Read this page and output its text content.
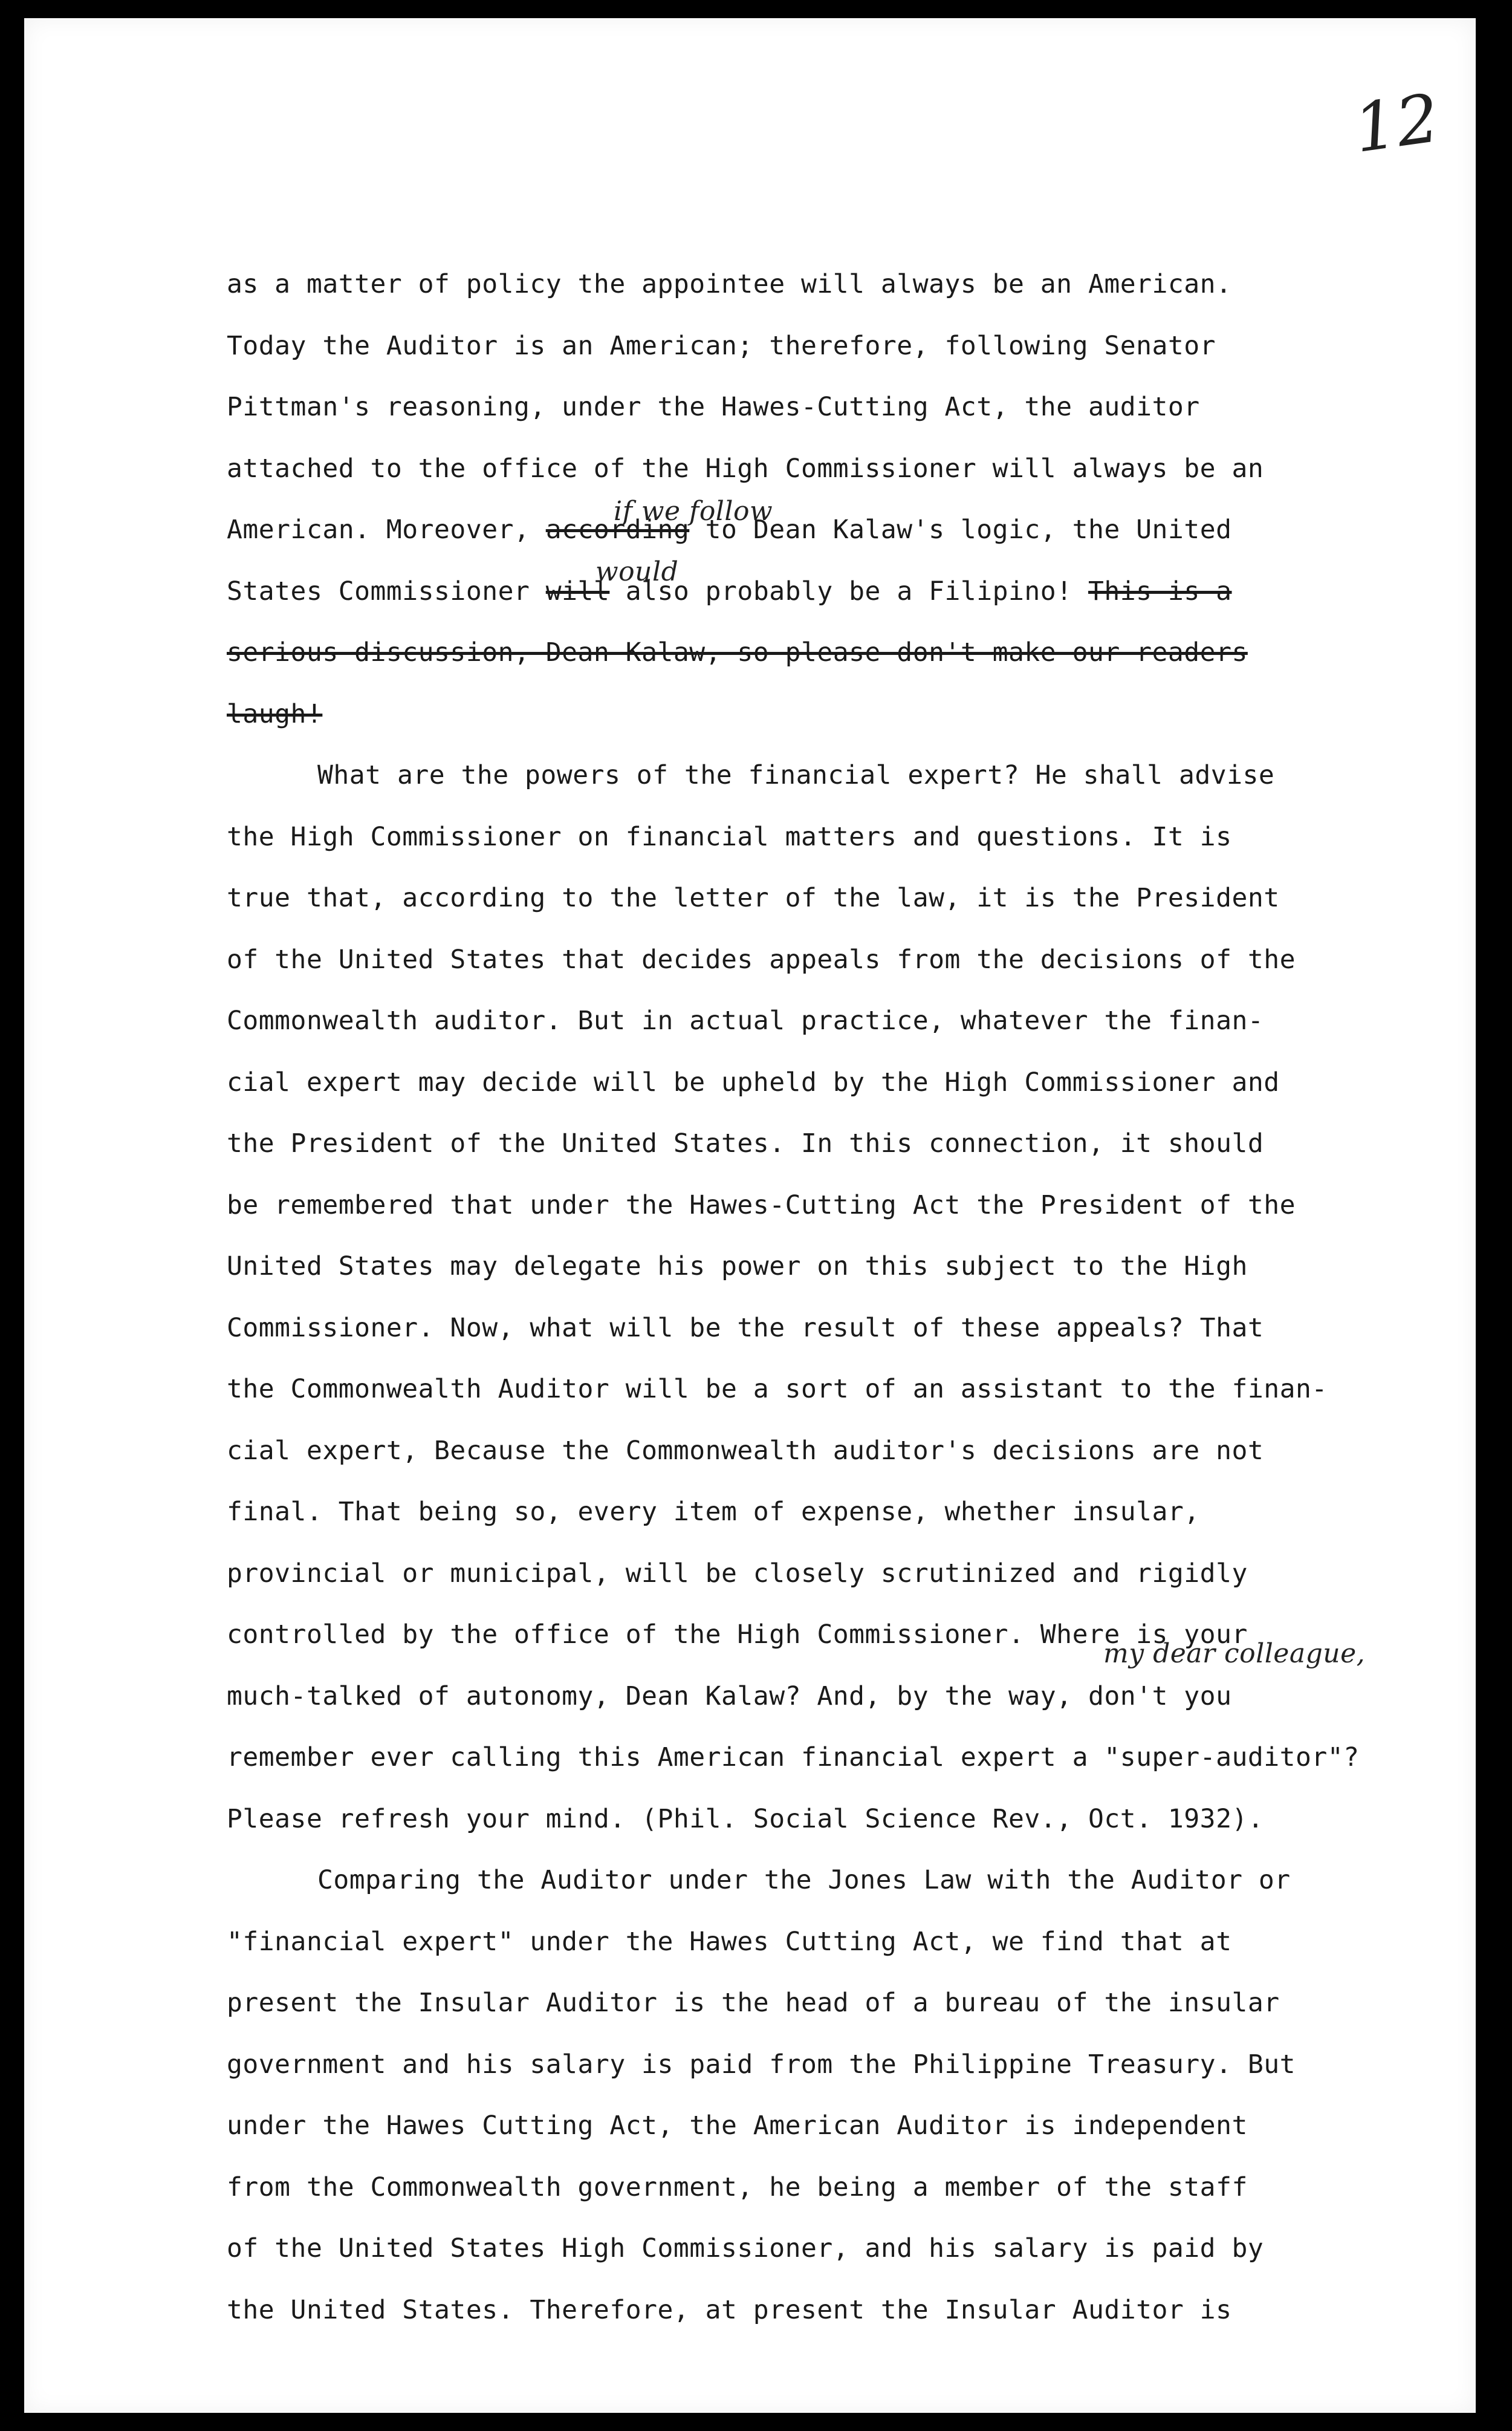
12
as a matter of policy the appointee will always be an American.
Today the Auditor is an American; therefore, following Senator
Pittman's reasoning, under the Hawes-Cutting Act, the auditor
attached to the office of the High Commissioner will always be an
American. Moreover, according to Dean Kalaw's logic, the United
if we follow
States Commissioner will also probably be a Filipino! This is a
would
serious discussion, Dean Kalaw, so please don't make our readers
laugh!
What are the powers of the financial expert? He shall advise
the High Commissioner on financial matters and questions. It is
true that, according to the letter of the law, it is the President
of the United States that decides appeals from the decisions of the
Commonwealth auditor. But in actual practice, whatever the finan-
cial expert may decide will be upheld by the High Commissioner and
the President of the United States. In this connection, it should
be remembered that under the Hawes-Cutting Act the President of the
United States may delegate his power on this subject to the High
Commissioner. Now, what will be the result of these appeals? That
the Commonwealth Auditor will be a sort of an assistant to the finan-
cial expert, Because the Commonwealth auditor's decisions are not
final. That being so, every item of expense, whether insular,
provincial or municipal, will be closely scrutinized and rigidly
controlled by the office of the High Commissioner. Where is your
my dear colleague,
much-talked of autonomy, Dean Kalaw? And, by the way, don't you
remember ever calling this American financial expert a "super-auditor"?
Please refresh your mind. (Phil. Social Science Rev., Oct. 1932).
Comparing the Auditor under the Jones Law with the Auditor or
"financial expert" under the Hawes Cutting Act, we find that at
present the Insular Auditor is the head of a bureau of the insular
government and his salary is paid from the Philippine Treasury. But
under the Hawes Cutting Act, the American Auditor is independent
from the Commonwealth government, he being a member of the staff
of the United States High Commissioner, and his salary is paid by
the United States. Therefore, at present the Insular Auditor is
